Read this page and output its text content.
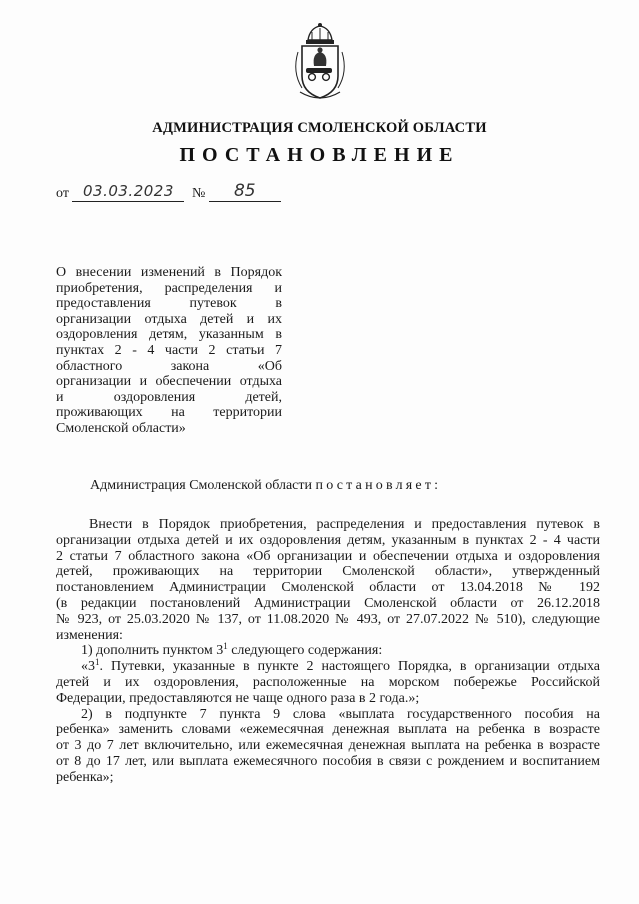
АДМИНИСТРАЦИЯ СМОЛЕНСКОЙ ОБЛАСТИ
ПОСТАНОВЛЕНИЕ
от 03.03.2023 № 85
О внесении изменений в Порядок
приобретения, распределения и
предоставления путевок в
организации отдыха детей и их
оздоровления детям, указанным в
пунктах 2 - 4 части 2 статьи 7
областного закона «Об
организации и обеспечении отдыха
и оздоровления детей,
проживающих на территории
Смоленской области»
Администрация Смоленской области постановляет:
Внести в Порядок приобретения, распределения и предоставления путевок в
организации отдыха детей и их оздоровления детям, указанным в пунктах 2 - 4 части
2 статьи 7 областного закона «Об организации и обеспечении отдыха и оздоровления
детей, проживающих на территории Смоленской области», утвержденный
постановлением Администрации Смоленской области от 13.04.2018 № 192
(в редакции постановлений Администрации Смоленской области от 26.12.2018
№ 923, от 25.03.2020 № 137, от 11.08.2020 № 493, от 27.07.2022 № 510), следующие
изменения:
1) дополнить пунктом $3^1$ следующего содержания:
«$3^1$. Путевки, указанные в пункте 2 настоящего Порядка, в организации отдыха
детей и их оздоровления, расположенные на морском побережье Российской
Федерации, предоставляются не чаще одного раза в 2 года.»;
2) в подпункте 7 пункта 9 слова «выплата государственного пособия на
ребенка» заменить словами «ежемесячная денежная выплата на ребенка в возрасте
от 3 до 7 лет включительно, или ежемесячная денежная выплата на ребенка в возрасте
от 8 до 17 лет, или выплата ежемесячного пособия в связи с рождением и воспитанием
ребенка»;
